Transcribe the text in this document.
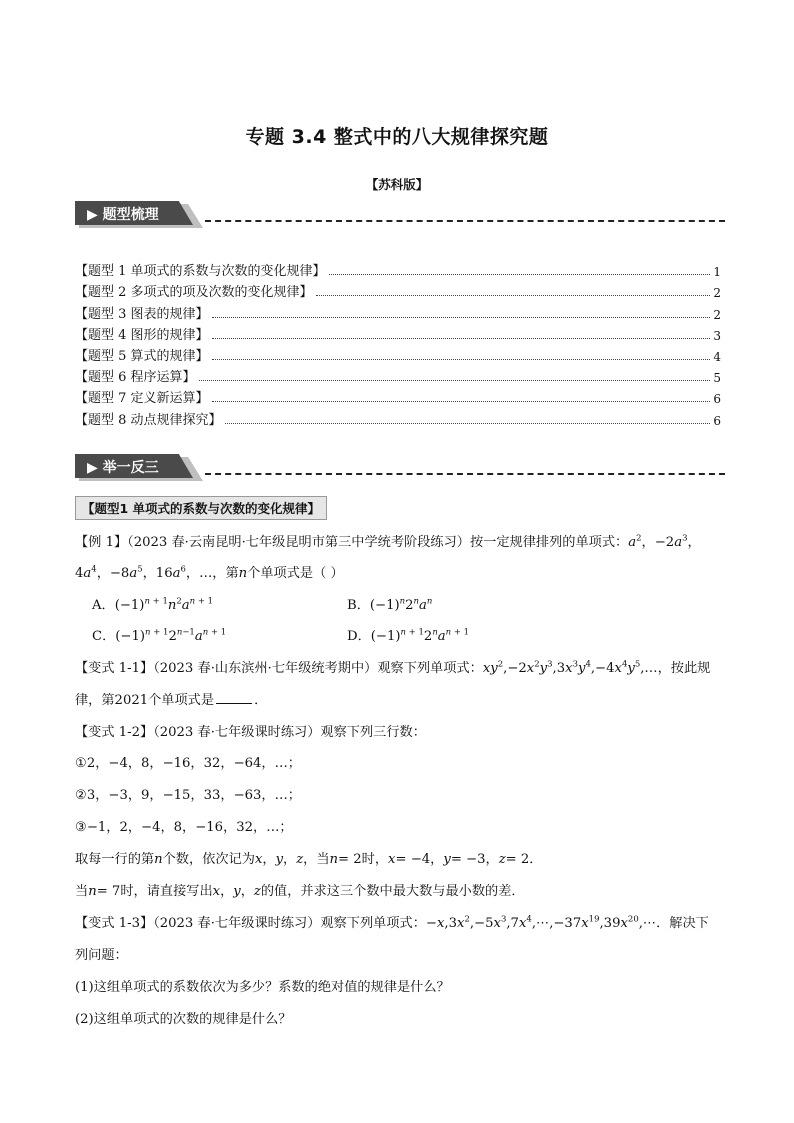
专题 3.4 整式中的八大规律探究题
【苏科版】
▶ 题型梳理
【题型 1 单项式的系数与次数的变化规律】	1
【题型 2 多项式的项及次数的变化规律】	2
【题型 3 图表的规律】	2
【题型 4 图形的规律】	3
【题型 5 算式的规律】	4
【题型 6 程序运算】	5
【题型 7 定义新运算】	6
【题型 8 动点规律探究】	6
▶ 举一反三
【题型1 单项式的系数与次数的变化规律】
【例 1】（2023 春·云南昆明·七年级昆明市第三中学统考阶段练习）按一定规律排列的单项式：$a^2$，$-2a^3$，
$4a^4$，$-8a^5$，$16a^6$，…，第n个单项式是（ ）
A．$(-1)^{n + 1}n^2a^{n + 1}$	B．$(-1)^n2^na^n$
C．$(-1)^{n + 1}2^{n-1}a^{n + 1}$	D．$(-1)^{n + 1}2^na^{n + 1}$
【变式 1-1】（2023 春·山东滨州·七年级统考期中）观察下列单项式：$xy^2,-2x^2y^3,3x^3y^4,-4x^4y^5,\dots$，按此规
律，第2021个单项式是	．
【变式 1-2】（2023 春·七年级课时练习）观察下列三行数：
①2，−4，8，−16，32，−64，…；
②3，−3，9，−15，33，−63，…；
③−1，2，−4，8，−16，32，…；
取每一行的第n个数，依次记为x，y，z，当n= 2时，x= −4，y= −3，z= 2．
当n= 7时，请直接写出x，y，z的值，并求这三个数中最大数与最小数的差．
【变式 1-3】（2023 春·七年级课时练习）观察下列单项式：$-x,3x^2,-5x^3,7x^4,\cdots,-37x^{19},39x^{20},\cdots$．解决下
列问题：
(1)这组单项式的系数依次为多少？系数的绝对值的规律是什么？
(2)这组单项式的次数的规律是什么？
